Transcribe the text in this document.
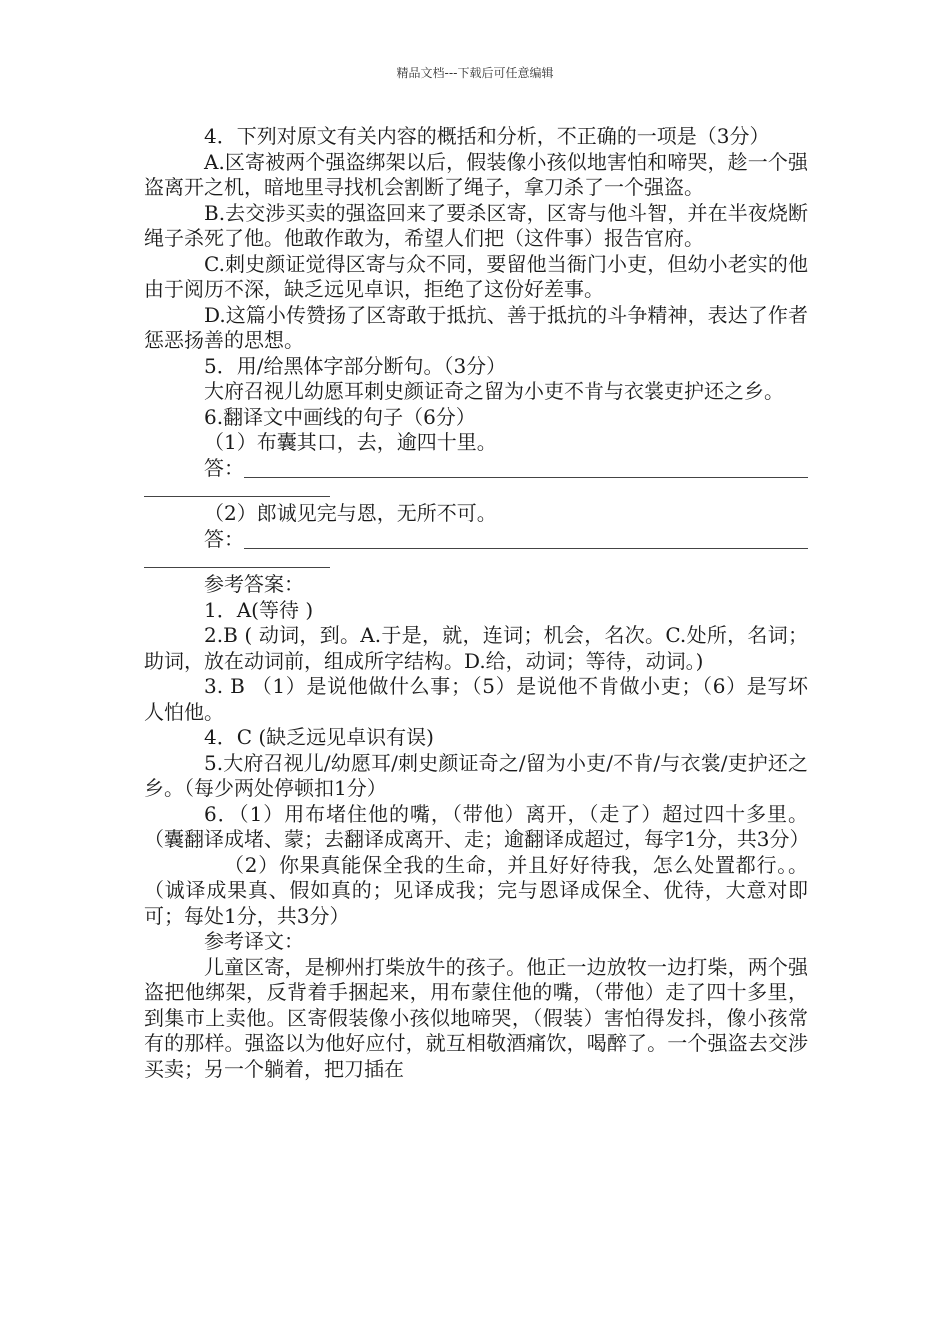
精品文档---下载后可任意编辑

4．下列对原文有关内容的概括和分析，不正确的一项是（3分）

A.区寄被两个强盗绑架以后，假装像小孩似地害怕和啼哭，趁一个强盗离开之机，暗地里寻找机会割断了绳子，拿刀杀了一个强盗。

B.去交涉买卖的强盗回来了要杀区寄，区寄与他斗智，并在半夜烧断绳子杀死了他。他敢作敢为，希望人们把（这件事）报告官府。

C.刺史颜证觉得区寄与众不同，要留他当衙门小吏，但幼小老实的他由于阅历不深，缺乏远见卓识，拒绝了这份好差事。

D.这篇小传赞扬了区寄敢于抵抗、善于抵抗的斗争精神，表达了作者惩恶扬善的思想。

5．用/给黑体字部分断句。（3分）

大府召视儿幼愿耳刺史颜证奇之留为小吏不肯与衣裳吏护还之乡。

6.翻译文中画线的句子（6分）

（1）布囊其口，去，逾四十里。

答：

（2）郎诚见完与恩，无所不可。

答：

参考答案：

1．A(等待 )

2.B ( 动词，到。A.于是，就，连词；机会，名次。C.处所，名词；助词，放在动词前，组成所字结构。D.给，动词；等待，动词。)

3. B （1）是说他做什么事；（5）是说他不肯做小吏；（6）是写坏人怕他。

4．C (缺乏远见卓识有误)

5.大府召视儿/幼愿耳/刺史颜证奇之/留为小吏/不肯/与衣裳/吏护还之乡。（每少两处停顿扣1分）

6．（1）用布堵住他的嘴，（带他）离开，（走了）超过四十多里。（囊翻译成堵、蒙；去翻译成离开、走；逾翻译成超过，每字1分，共3分）

（2）你果真能保全我的生命，并且好好待我，怎么处置都行。。（诚译成果真、假如真的；见译成我；完与恩译成保全、优待，大意对即可；每处1分，共3分）

参考译文：

儿童区寄，是柳州打柴放牛的孩子。他正一边放牧一边打柴，两个强盗把他绑架，反背着手捆起来，用布蒙住他的嘴，（带他）走了四十多里，到集市上卖他。区寄假装像小孩似地啼哭，（假装）害怕得发抖，像小孩常有的那样。强盗以为他好应付，就互相敬酒痛饮，喝醉了。一个强盗去交涉买卖；另一个躺着，把刀插在
